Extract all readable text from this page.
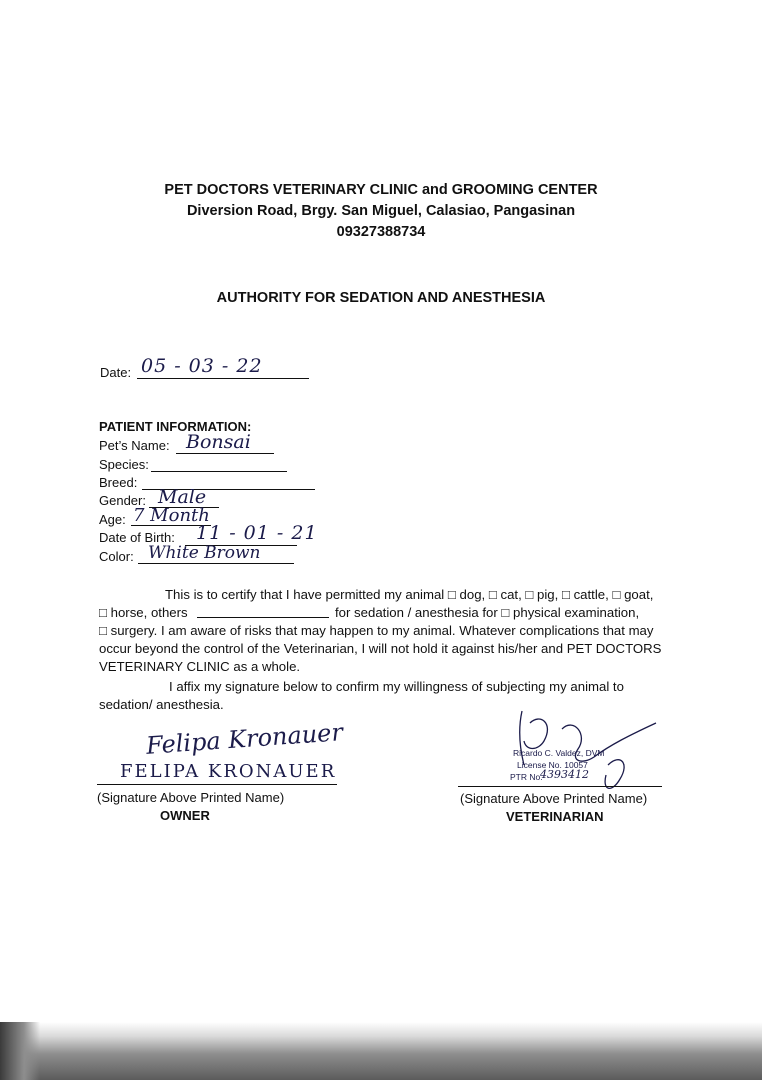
PET DOCTORS VETERINARY CLINIC and GROOMING CENTER
Diversion Road, Brgy. San Miguel, Calasiao, Pangasinan
09327388734
AUTHORITY FOR SEDATION AND ANESTHESIA
Date: 05 - 03 - 22
PATIENT INFORMATION:
Pet’s Name: Bonsai
Species:
Breed:
Gender: Male
Age: 7 Month
Date of Birth: 11 - 01 - 21
Color: White Brown
This is to certify that I have permitted my animal □ dog, □ cat, □ pig, □ cattle, □ goat,
□ horse, others	for sedation / anesthesia for □ physical examination,
□ surgery. I am aware of risks that may happen to my animal. Whatever complications that may
occur beyond the control of the Veterinarian, I will not hold it against his/her and PET DOCTORS
VETERINARY CLINIC as a whole.
I affix my signature below to confirm my willingness of subjecting my animal to
sedation/ anesthesia.
Felipa Kronauer
FELIPA KRONAUER
(Signature Above Printed Name)
OWNER
Ricardo C. Valdez, DVM
License No. 10057
PTR No.
4393412
(Signature Above Printed Name)
VETERINARIAN
